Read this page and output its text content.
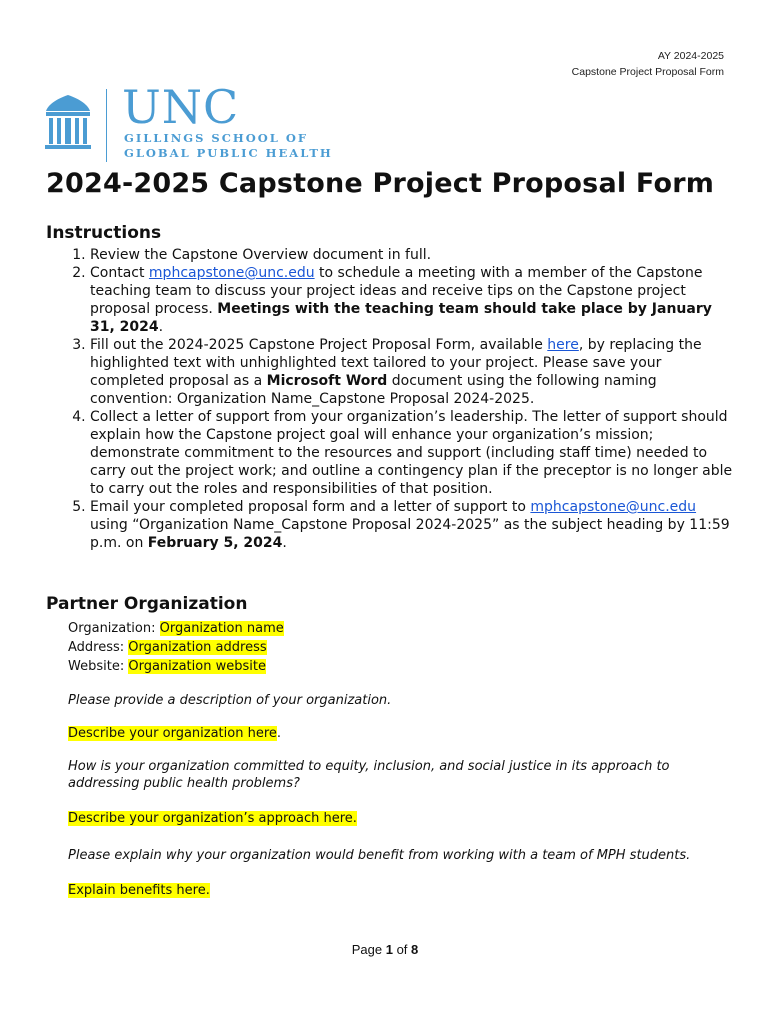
AY 2024-2025
Capstone Project Proposal Form
UNC
GILLINGS SCHOOL OF
GLOBAL PUBLIC HEALTH
2024-2025 Capstone Project Proposal Form
Instructions
1. Review the Capstone Overview document in full.
2. Contact mphcapstone@unc.edu to schedule a meeting with a member of the Capstone teaching team to discuss your project ideas and receive tips on the Capstone project proposal process. Meetings with the teaching team should take place by January 31, 2024.
3. Fill out the 2024-2025 Capstone Project Proposal Form, available here, by replacing the highlighted text with unhighlighted text tailored to your project. Please save your completed proposal as a Microsoft Word document using the following naming convention: Organization Name_Capstone Proposal 2024-2025.
4. Collect a letter of support from your organization’s leadership. The letter of support should explain how the Capstone project goal will enhance your organization’s mission; demonstrate commitment to the resources and support (including staff time) needed to carry out the project work; and outline a contingency plan if the preceptor is no longer able to carry out the roles and responsibilities of that position.
5. Email your completed proposal form and a letter of support to mphcapstone@unc.edu using “Organization Name_Capstone Proposal 2024-2025” as the subject heading by 11:59 p.m. on February 5, 2024.
Partner Organization
Organization: Organization name
Address: Organization address
Website: Organization website
Please provide a description of your organization.
Describe your organization here.
How is your organization committed to equity, inclusion, and social justice in its approach to addressing public health problems?
Describe your organization’s approach here.
Please explain why your organization would benefit from working with a team of MPH students.
Explain benefits here.
Page 1 of 8
